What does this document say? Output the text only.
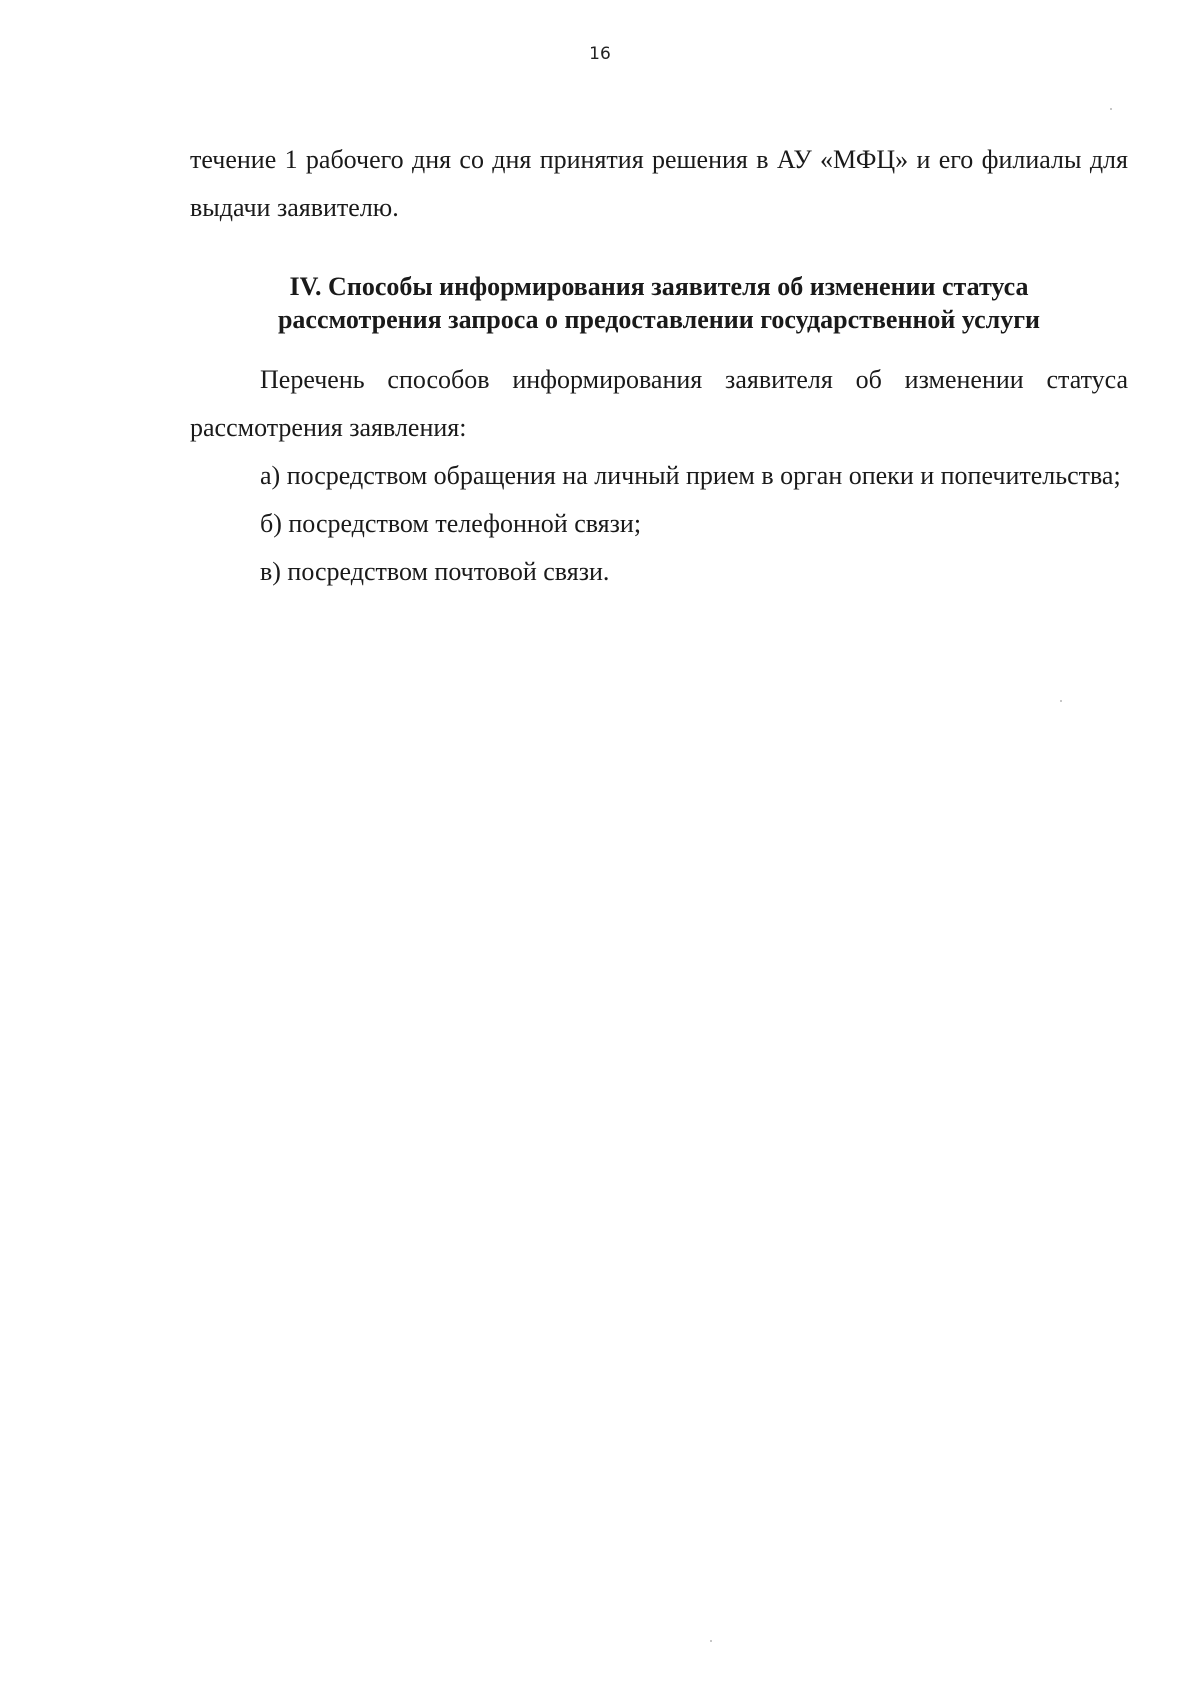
16

течение 1 рабочего дня со дня принятия решения в АУ «МФЦ» и его филиалы для выдачи заявителю.

IV. Способы информирования заявителя об изменении статуса
рассмотрения запроса о предоставлении государственной услуги

Перечень способов информирования заявителя об изменении статуса рассмотрения заявления:

а) посредством обращения на личный прием в орган опеки и попечительства;

б) посредством телефонной связи;

в) посредством почтовой связи.
